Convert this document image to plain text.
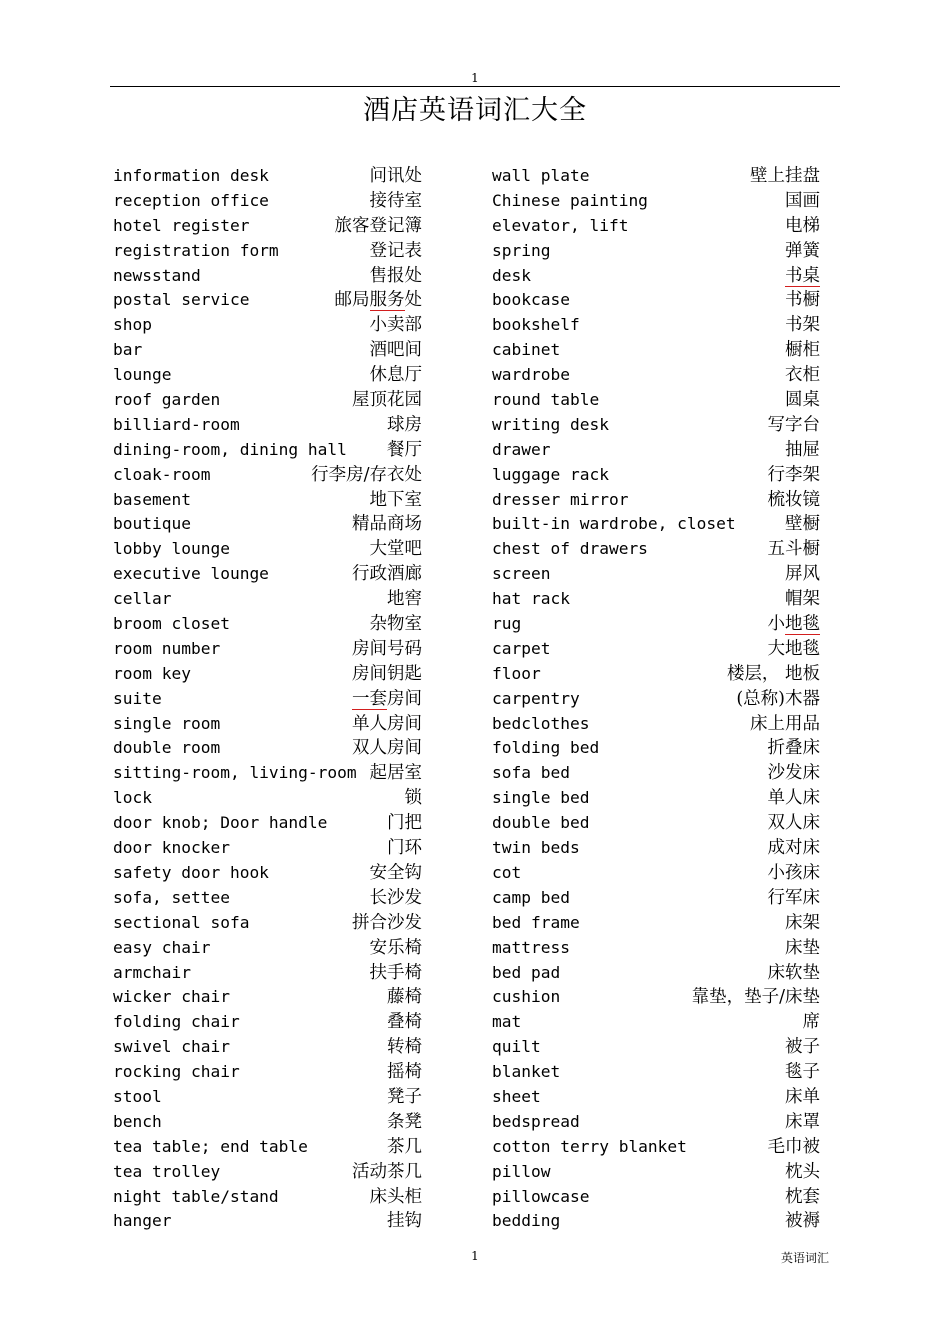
1
酒店英语词汇大全
information desk	问讯处
reception office	接待室
hotel register	旅客登记簿
registration form	登记表
newsstand	售报处
postal service	邮局服务处
shop	小卖部
bar	酒吧间
lounge	休息厅
roof garden	屋顶花园
billiard-room	球房
dining-room, dining hall 餐厅
cloak-room	行李房/存衣处
basement	地下室
boutique	精品商场
lobby lounge	大堂吧
executive lounge	行政酒廊
cellar	地窖
broom closet	杂物室
room number	房间号码
room key	房间钥匙
suite	一套房间
single room	单人房间
double room	双人房间
sitting-room, living-room 起居室
lock	锁
door knob; Door handle	门把
door knocker	门环
safety door hook	安全钩
sofa, settee	长沙发
sectional sofa	拼合沙发
easy chair	安乐椅
armchair	扶手椅
wicker chair	藤椅
folding chair	叠椅
swivel chair	转椅
rocking chair	摇椅
stool	凳子
bench	条凳
tea table; end table	茶几
tea trolley	活动茶几
night table/stand	床头柜
hanger	挂钩
wall plate	壁上挂盘
Chinese painting	国画
elevator, lift	电梯
spring	弹簧
desk	书桌
bookcase	书橱
bookshelf	书架
cabinet	橱柜
wardrobe	衣柜
round table	圆桌
writing desk	写字台
drawer	抽屉
luggage rack	行李架
dresser mirror	梳妆镜
built-in wardrobe, closet	壁橱
chest of drawers	五斗橱
screen	屏风
hat rack	帽架
rug	小地毯
carpet	大地毯
floor	楼层， 地板
carpentry	(总称)木器
bedclothes	床上用品
folding bed	折叠床
sofa bed	沙发床
single bed	单人床
double bed	双人床
twin beds	成对床
cot	小孩床
camp bed	行军床
bed frame	床架
mattress	床垫
bed pad	床软垫
cushion	靠垫，垫子/床垫
mat	席
quilt	被子
blanket	毯子
sheet	床单
bedspread	床罩
cotton terry blanket	毛巾被
pillow	枕头
pillowcase	枕套
bedding	被褥
1	英语词汇
